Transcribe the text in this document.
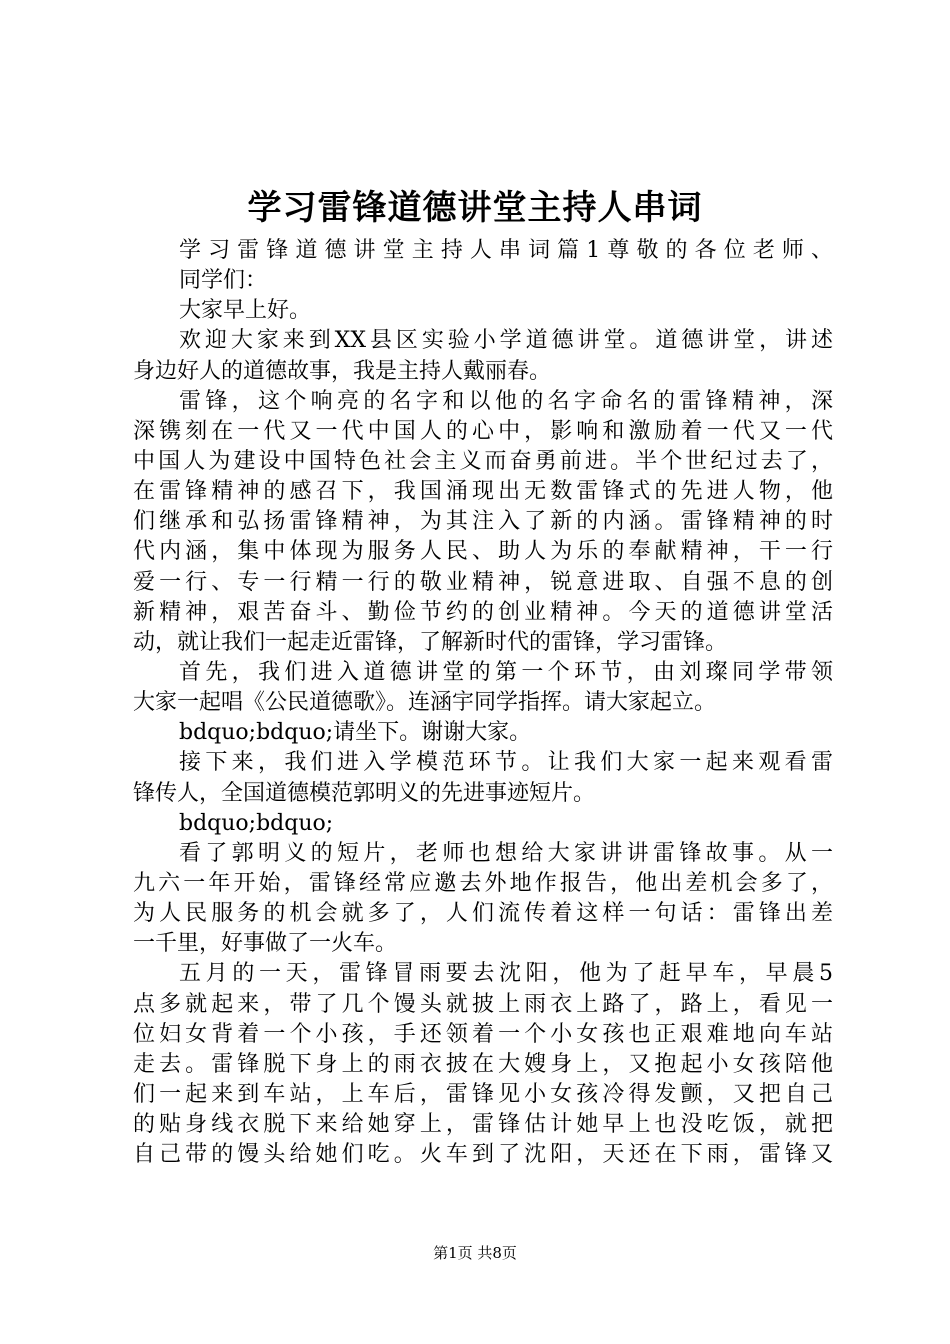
学习雷锋道德讲堂主持人串词
学习雷锋道德讲堂主持人串词篇1尊敬的各位老师、
同学们：
大家早上好。
欢迎大家来到XX县区实验小学道德讲堂。道德讲堂，讲述
身边好人的道德故事，我是主持人戴丽春。
雷锋，这个响亮的名字和以他的名字命名的雷锋精神，深
深镌刻在一代又一代中国人的心中，影响和激励着一代又一代
中国人为建设中国特色社会主义而奋勇前进。半个世纪过去了，
在雷锋精神的感召下，我国涌现出无数雷锋式的先进人物，他
们继承和弘扬雷锋精神，为其注入了新的内涵。雷锋精神的时
代内涵，集中体现为服务人民、助人为乐的奉献精神，干一行
爱一行、专一行精一行的敬业精神，锐意进取、自强不息的创
新精神，艰苦奋斗、勤俭节约的创业精神。今天的道德讲堂活
动，就让我们一起走近雷锋，了解新时代的雷锋，学习雷锋。
首先，我们进入道德讲堂的第一个环节，由刘璨同学带领
大家一起唱《公民道德歌》。连涵宇同学指挥。请大家起立。
bdquo;bdquo;请坐下。谢谢大家。
接下来，我们进入学模范环节。让我们大家一起来观看雷
锋传人，全国道德模范郭明义的先进事迹短片。
bdquo;bdquo;
看了郭明义的短片，老师也想给大家讲讲雷锋故事。从一
九六一年开始，雷锋经常应邀去外地作报告，他出差机会多了，
为人民服务的机会就多了，人们流传着这样一句话：雷锋出差
一千里，好事做了一火车。
五月的一天，雷锋冒雨要去沈阳，他为了赶早车，早晨5
点多就起来，带了几个馒头就披上雨衣上路了，路上，看见一
位妇女背着一个小孩，手还领着一个小女孩也正艰难地向车站
走去。雷锋脱下身上的雨衣披在大嫂身上，又抱起小女孩陪他
们一起来到车站，上车后，雷锋见小女孩冷得发颤，又把自己
的贴身线衣脱下来给她穿上，雷锋估计她早上也没吃饭，就把
自己带的馒头给她们吃。火车到了沈阳，天还在下雨，雷锋又
第1页 共8页
